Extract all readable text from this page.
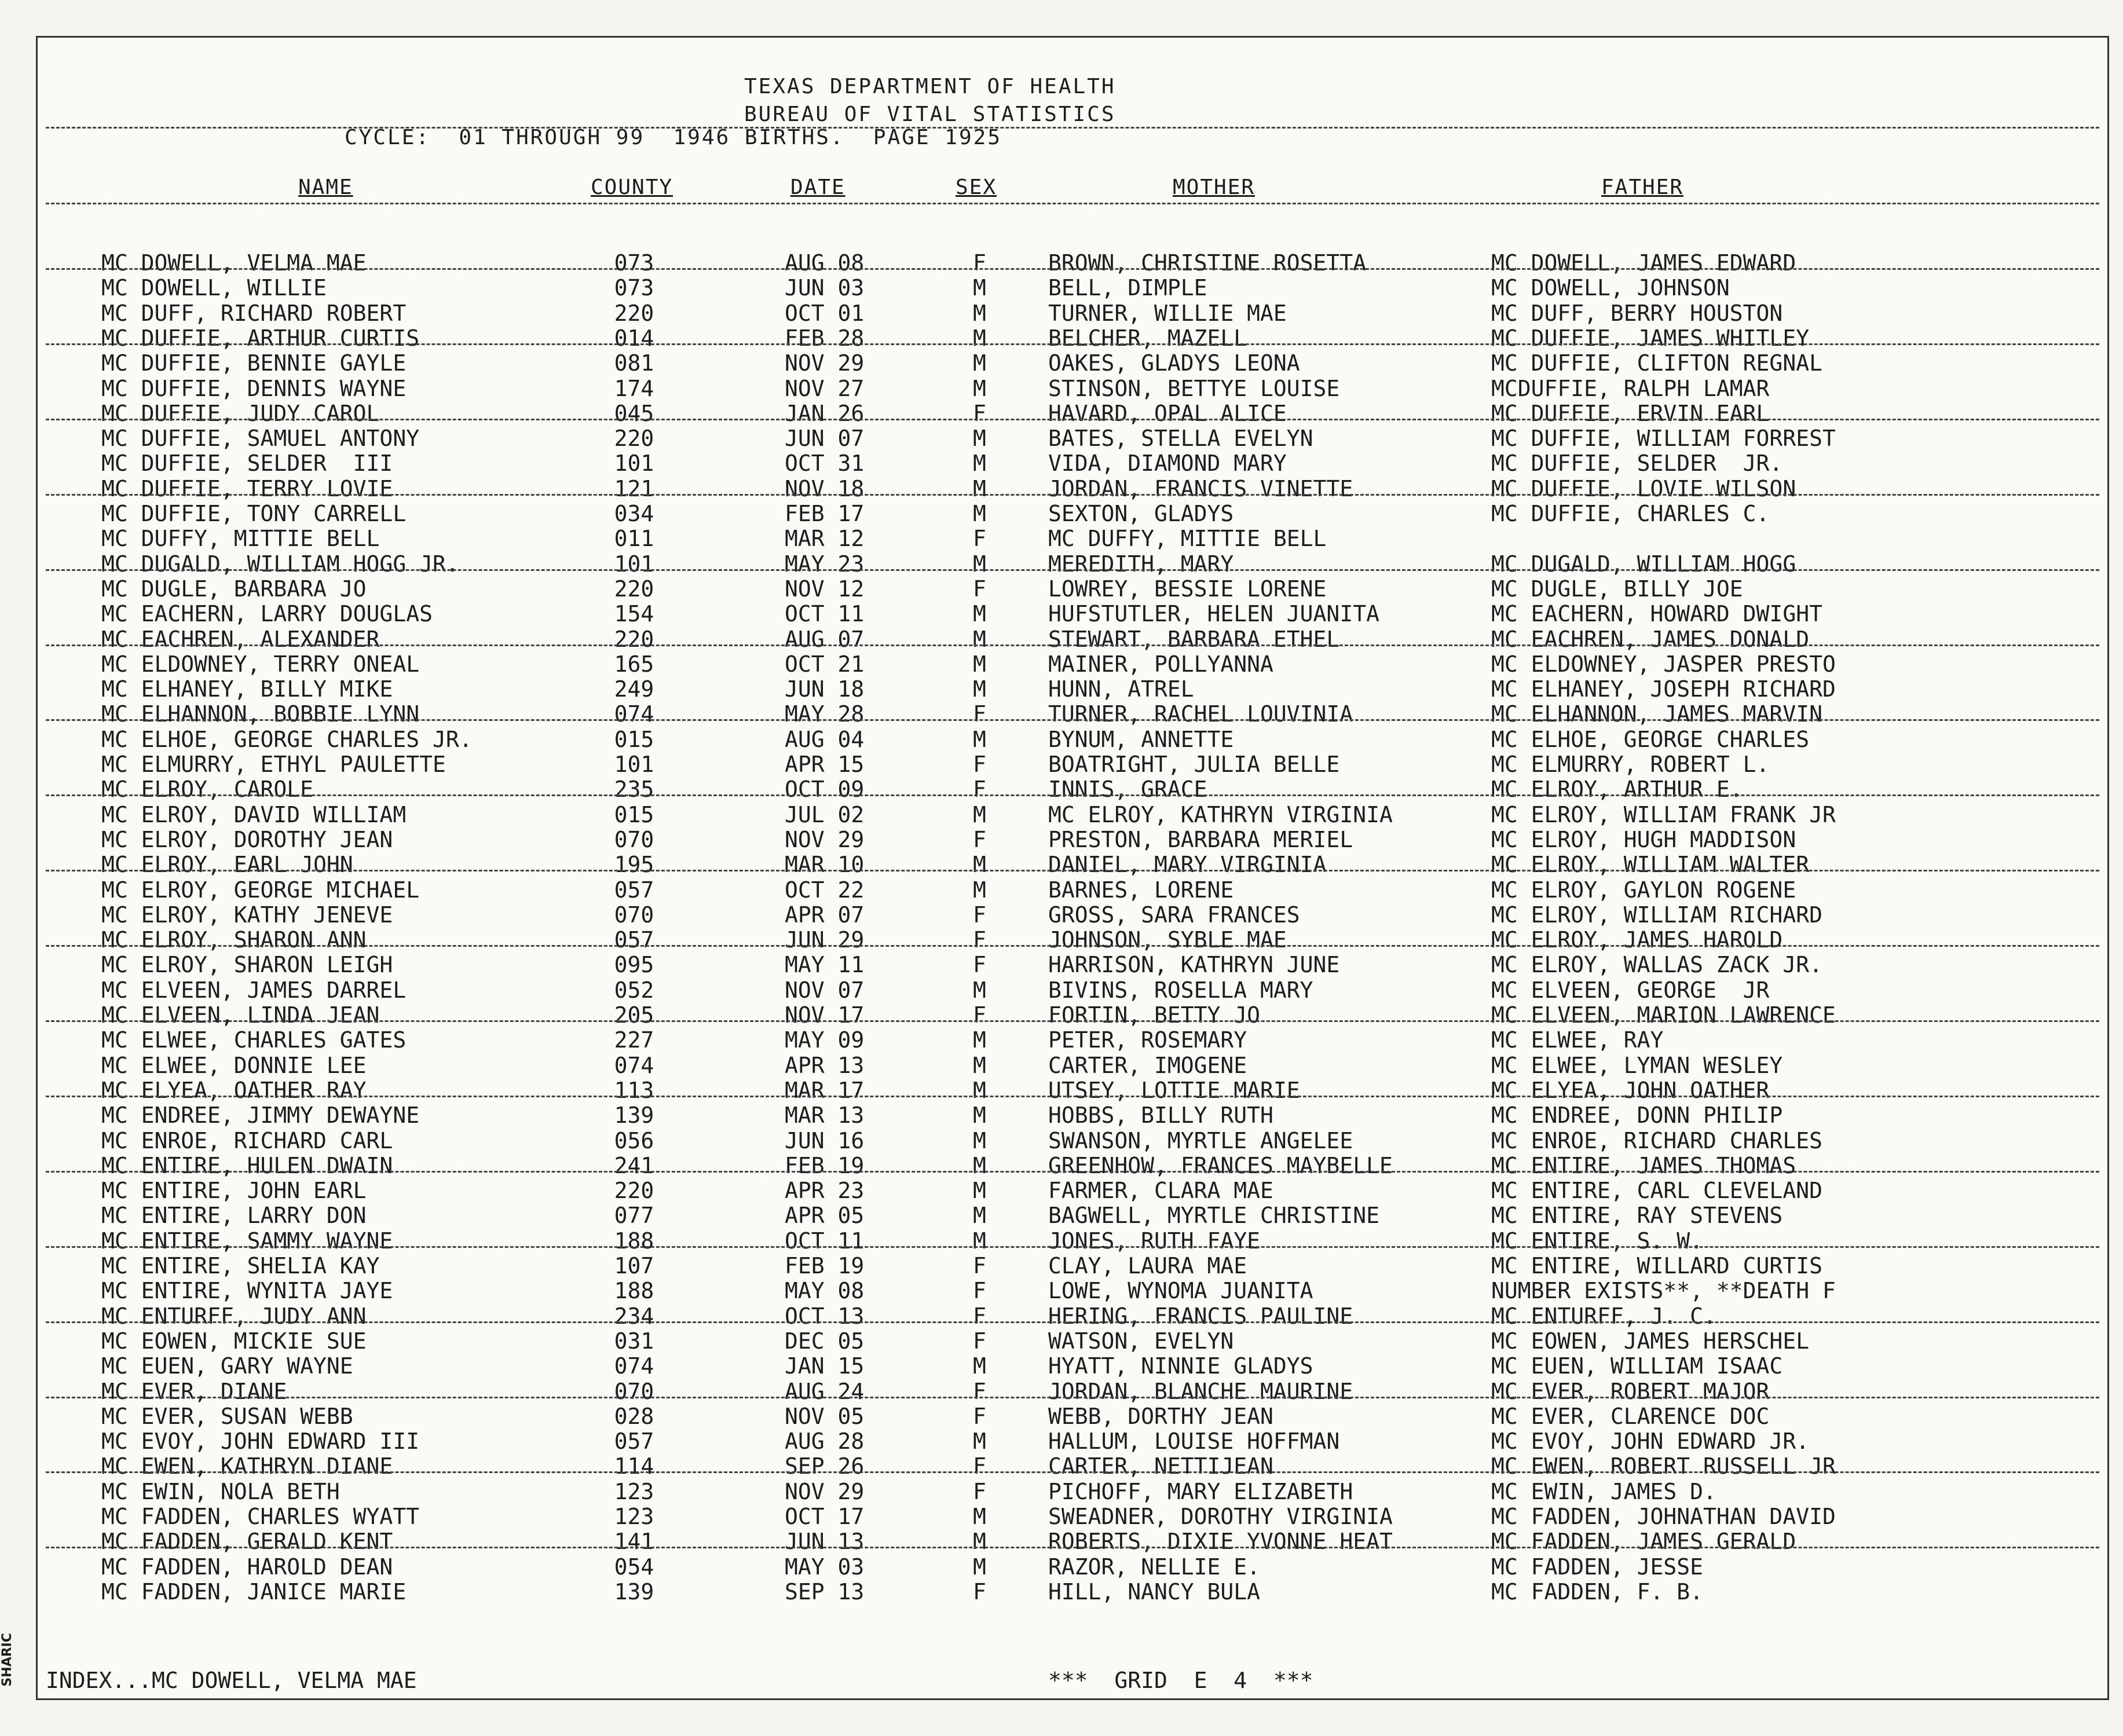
SHARIC
TEXAS DEPARTMENT OF HEALTH
BUREAU OF VITAL STATISTICS
CYCLE:  01 THROUGH 99  1946 BIRTHS.  PAGE 1925
NAME	COUNTY	DATE	SEX	MOTHER	FATHER
MC DOWELL, VELMA MAE	073	AUG 08	F	BROWN, CHRISTINE ROSETTA	MC DOWELL, JAMES EDWARD
MC DOWELL, WILLIE	073	JUN 03	M	BELL, DIMPLE	MC DOWELL, JOHNSON
MC DUFF, RICHARD ROBERT	220	OCT 01	M	TURNER, WILLIE MAE	MC DUFF, BERRY HOUSTON
MC DUFFIE, ARTHUR CURTIS	014	FEB 28	M	BELCHER, MAZELL	MC DUFFIE, JAMES WHITLEY
MC DUFFIE, BENNIE GAYLE	081	NOV 29	M	OAKES, GLADYS LEONA	MC DUFFIE, CLIFTON REGNAL
MC DUFFIE, DENNIS WAYNE	174	NOV 27	M	STINSON, BETTYE LOUISE	MCDUFFIE, RALPH LAMAR
MC DUFFIE, JUDY CAROL	045	JAN 26	F	HAVARD, OPAL ALICE	MC DUFFIE, ERVIN EARL
MC DUFFIE, SAMUEL ANTONY	220	JUN 07	M	BATES, STELLA EVELYN	MC DUFFIE, WILLIAM FORREST
MC DUFFIE, SELDER  III	101	OCT 31	M	VIDA, DIAMOND MARY	MC DUFFIE, SELDER  JR.
MC DUFFIE, TERRY LOVIE	121	NOV 18	M	JORDAN, FRANCIS VINETTE	MC DUFFIE, LOVIE WILSON
MC DUFFIE, TONY CARRELL	034	FEB 17	M	SEXTON, GLADYS	MC DUFFIE, CHARLES C.
MC DUFFY, MITTIE BELL	011	MAR 12	F	MC DUFFY, MITTIE BELL
MC DUGALD, WILLIAM HOGG JR.	101	MAY 23	M	MEREDITH, MARY	MC DUGALD, WILLIAM HOGG
MC DUGLE, BARBARA JO	220	NOV 12	F	LOWREY, BESSIE LORENE	MC DUGLE, BILLY JOE
MC EACHERN, LARRY DOUGLAS	154	OCT 11	M	HUFSTUTLER, HELEN JUANITA	MC EACHERN, HOWARD DWIGHT
MC EACHREN, ALEXANDER	220	AUG 07	M	STEWART, BARBARA ETHEL	MC EACHREN, JAMES DONALD
MC ELDOWNEY, TERRY ONEAL	165	OCT 21	M	MAINER, POLLYANNA	MC ELDOWNEY, JASPER PRESTO
MC ELHANEY, BILLY MIKE	249	JUN 18	M	HUNN, ATREL	MC ELHANEY, JOSEPH RICHARD
MC ELHANNON, BOBBIE LYNN	074	MAY 28	F	TURNER, RACHEL LOUVINIA	MC ELHANNON, JAMES MARVIN
MC ELHOE, GEORGE CHARLES JR.	015	AUG 04	M	BYNUM, ANNETTE	MC ELHOE, GEORGE CHARLES
MC ELMURRY, ETHYL PAULETTE	101	APR 15	F	BOATRIGHT, JULIA BELLE	MC ELMURRY, ROBERT L.
MC ELROY, CAROLE	235	OCT 09	F	INNIS, GRACE	MC ELROY, ARTHUR E.
MC ELROY, DAVID WILLIAM	015	JUL 02	M	MC ELROY, KATHRYN VIRGINIA	MC ELROY, WILLIAM FRANK JR
MC ELROY, DOROTHY JEAN	070	NOV 29	F	PRESTON, BARBARA MERIEL	MC ELROY, HUGH MADDISON
MC ELROY, EARL JOHN	195	MAR 10	M	DANIEL, MARY VIRGINIA	MC ELROY, WILLIAM WALTER
MC ELROY, GEORGE MICHAEL	057	OCT 22	M	BARNES, LORENE	MC ELROY, GAYLON ROGENE
MC ELROY, KATHY JENEVE	070	APR 07	F	GROSS, SARA FRANCES	MC ELROY, WILLIAM RICHARD
MC ELROY, SHARON ANN	057	JUN 29	F	JOHNSON, SYBLE MAE	MC ELROY, JAMES HAROLD
MC ELROY, SHARON LEIGH	095	MAY 11	F	HARRISON, KATHRYN JUNE	MC ELROY, WALLAS ZACK JR.
MC ELVEEN, JAMES DARREL	052	NOV 07	M	BIVINS, ROSELLA MARY	MC ELVEEN, GEORGE  JR
MC ELVEEN, LINDA JEAN	205	NOV 17	F	FORTIN, BETTY JO	MC ELVEEN, MARION LAWRENCE
MC ELWEE, CHARLES GATES	227	MAY 09	M	PETER, ROSEMARY	MC ELWEE, RAY
MC ELWEE, DONNIE LEE	074	APR 13	M	CARTER, IMOGENE	MC ELWEE, LYMAN WESLEY
MC ELYEA, OATHER RAY	113	MAR 17	M	UTSEY, LOTTIE MARIE	MC ELYEA, JOHN OATHER
MC ENDREE, JIMMY DEWAYNE	139	MAR 13	M	HOBBS, BILLY RUTH	MC ENDREE, DONN PHILIP
MC ENROE, RICHARD CARL	056	JUN 16	M	SWANSON, MYRTLE ANGELEE	MC ENROE, RICHARD CHARLES
MC ENTIRE, HULEN DWAIN	241	FEB 19	M	GREENHOW, FRANCES MAYBELLE	MC ENTIRE, JAMES THOMAS
MC ENTIRE, JOHN EARL	220	APR 23	M	FARMER, CLARA MAE	MC ENTIRE, CARL CLEVELAND
MC ENTIRE, LARRY DON	077	APR 05	M	BAGWELL, MYRTLE CHRISTINE	MC ENTIRE, RAY STEVENS
MC ENTIRE, SAMMY WAYNE	188	OCT 11	M	JONES, RUTH FAYE	MC ENTIRE, S. W.
MC ENTIRE, SHELIA KAY	107	FEB 19	F	CLAY, LAURA MAE	MC ENTIRE, WILLARD CURTIS
MC ENTIRE, WYNITA JAYE	188	MAY 08	F	LOWE, WYNOMA JUANITA	NUMBER EXISTS**, **DEATH F
MC ENTURFF, JUDY ANN	234	OCT 13	F	HERING, FRANCIS PAULINE	MC ENTURFF, J. C.
MC EOWEN, MICKIE SUE	031	DEC 05	F	WATSON, EVELYN	MC EOWEN, JAMES HERSCHEL
MC EUEN, GARY WAYNE	074	JAN 15	M	HYATT, NINNIE GLADYS	MC EUEN, WILLIAM ISAAC
MC EVER, DIANE	070	AUG 24	F	JORDAN, BLANCHE MAURINE	MC EVER, ROBERT MAJOR
MC EVER, SUSAN WEBB	028	NOV 05	F	WEBB, DORTHY JEAN	MC EVER, CLARENCE DOC
MC EVOY, JOHN EDWARD III	057	AUG 28	M	HALLUM, LOUISE HOFFMAN	MC EVOY, JOHN EDWARD JR.
MC EWEN, KATHRYN DIANE	114	SEP 26	F	CARTER, NETTIJEAN	MC EWEN, ROBERT RUSSELL JR
MC EWIN, NOLA BETH	123	NOV 29	F	PICHOFF, MARY ELIZABETH	MC EWIN, JAMES D.
MC FADDEN, CHARLES WYATT	123	OCT 17	M	SWEADNER, DOROTHY VIRGINIA	MC FADDEN, JOHNATHAN DAVID
MC FADDEN, GERALD KENT	141	JUN 13	M	ROBERTS, DIXIE YVONNE HEAT	MC FADDEN, JAMES GERALD
MC FADDEN, HAROLD DEAN	054	MAY 03	M	RAZOR, NELLIE E.	MC FADDEN, JESSE
MC FADDEN, JANICE MARIE	139	SEP 13	F	HILL, NANCY BULA	MC FADDEN, F. B.
INDEX...MC DOWELL, VELMA MAE	***  GRID  E  4  ***
